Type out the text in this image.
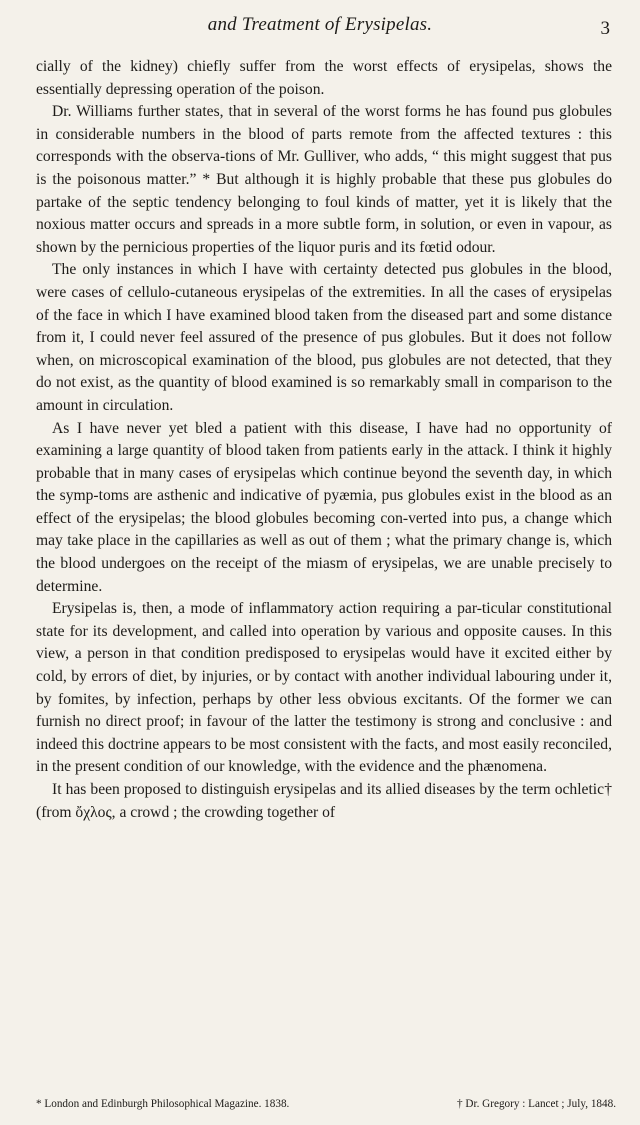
and Treatment of Erysipelas.	3

cially of the kidney) chiefly suffer from the worst effects of erysipelas, shows the essentially depressing operation of the poison.

Dr. Williams further states, that in several of the worst forms he has found pus globules in considerable numbers in the blood of parts remote from the affected textures : this corresponds with the observa-tions of Mr. Gulliver, who adds, “ this might suggest that pus is the poisonous matter.” * But although it is highly probable that these pus globules do partake of the septic tendency belonging to foul kinds of matter, yet it is likely that the noxious matter occurs and spreads in a more subtle form, in solution, or even in vapour, as shown by the pernicious properties of the liquor puris and its fœtid odour.

The only instances in which I have with certainty detected pus globules in the blood, were cases of cellulo-cutaneous erysipelas of the extremities. In all the cases of erysipelas of the face in which I have examined blood taken from the diseased part and some distance from it, I could never feel assured of the presence of pus globules. But it does not follow when, on microscopical examination of the blood, pus globules are not detected, that they do not exist, as the quantity of blood examined is so remarkably small in comparison to the amount in circulation.

As I have never yet bled a patient with this disease, I have had no opportunity of examining a large quantity of blood taken from patients early in the attack. I think it highly probable that in many cases of erysipelas which continue beyond the seventh day, in which the symp-toms are asthenic and indicative of pyæmia, pus globules exist in the blood as an effect of the erysipelas; the blood globules becoming con-verted into pus, a change which may take place in the capillaries as well as out of them ; what the primary change is, which the blood undergoes on the receipt of the miasm of erysipelas, we are unable precisely to determine.

Erysipelas is, then, a mode of inflammatory action requiring a par-ticular constitutional state for its development, and called into operation by various and opposite causes. In this view, a person in that condition predisposed to erysipelas would have it excited either by cold, by errors of diet, by injuries, or by contact with another individual labouring under it, by fomites, by infection, perhaps by other less obvious excitants. Of the former we can furnish no direct proof; in favour of the latter the testimony is strong and conclusive : and indeed this doctrine appears to be most consistent with the facts, and most easily reconciled, in the present condition of our knowledge, with the evidence and the phænomena.

It has been proposed to distinguish erysipelas and its allied diseases by the term ochletic† (from ὄχλος, a crowd ; the crowding together of

* London and Edinburgh Philosophical Magazine. 1838.	† Dr. Gregory : Lancet ; July, 1848.
